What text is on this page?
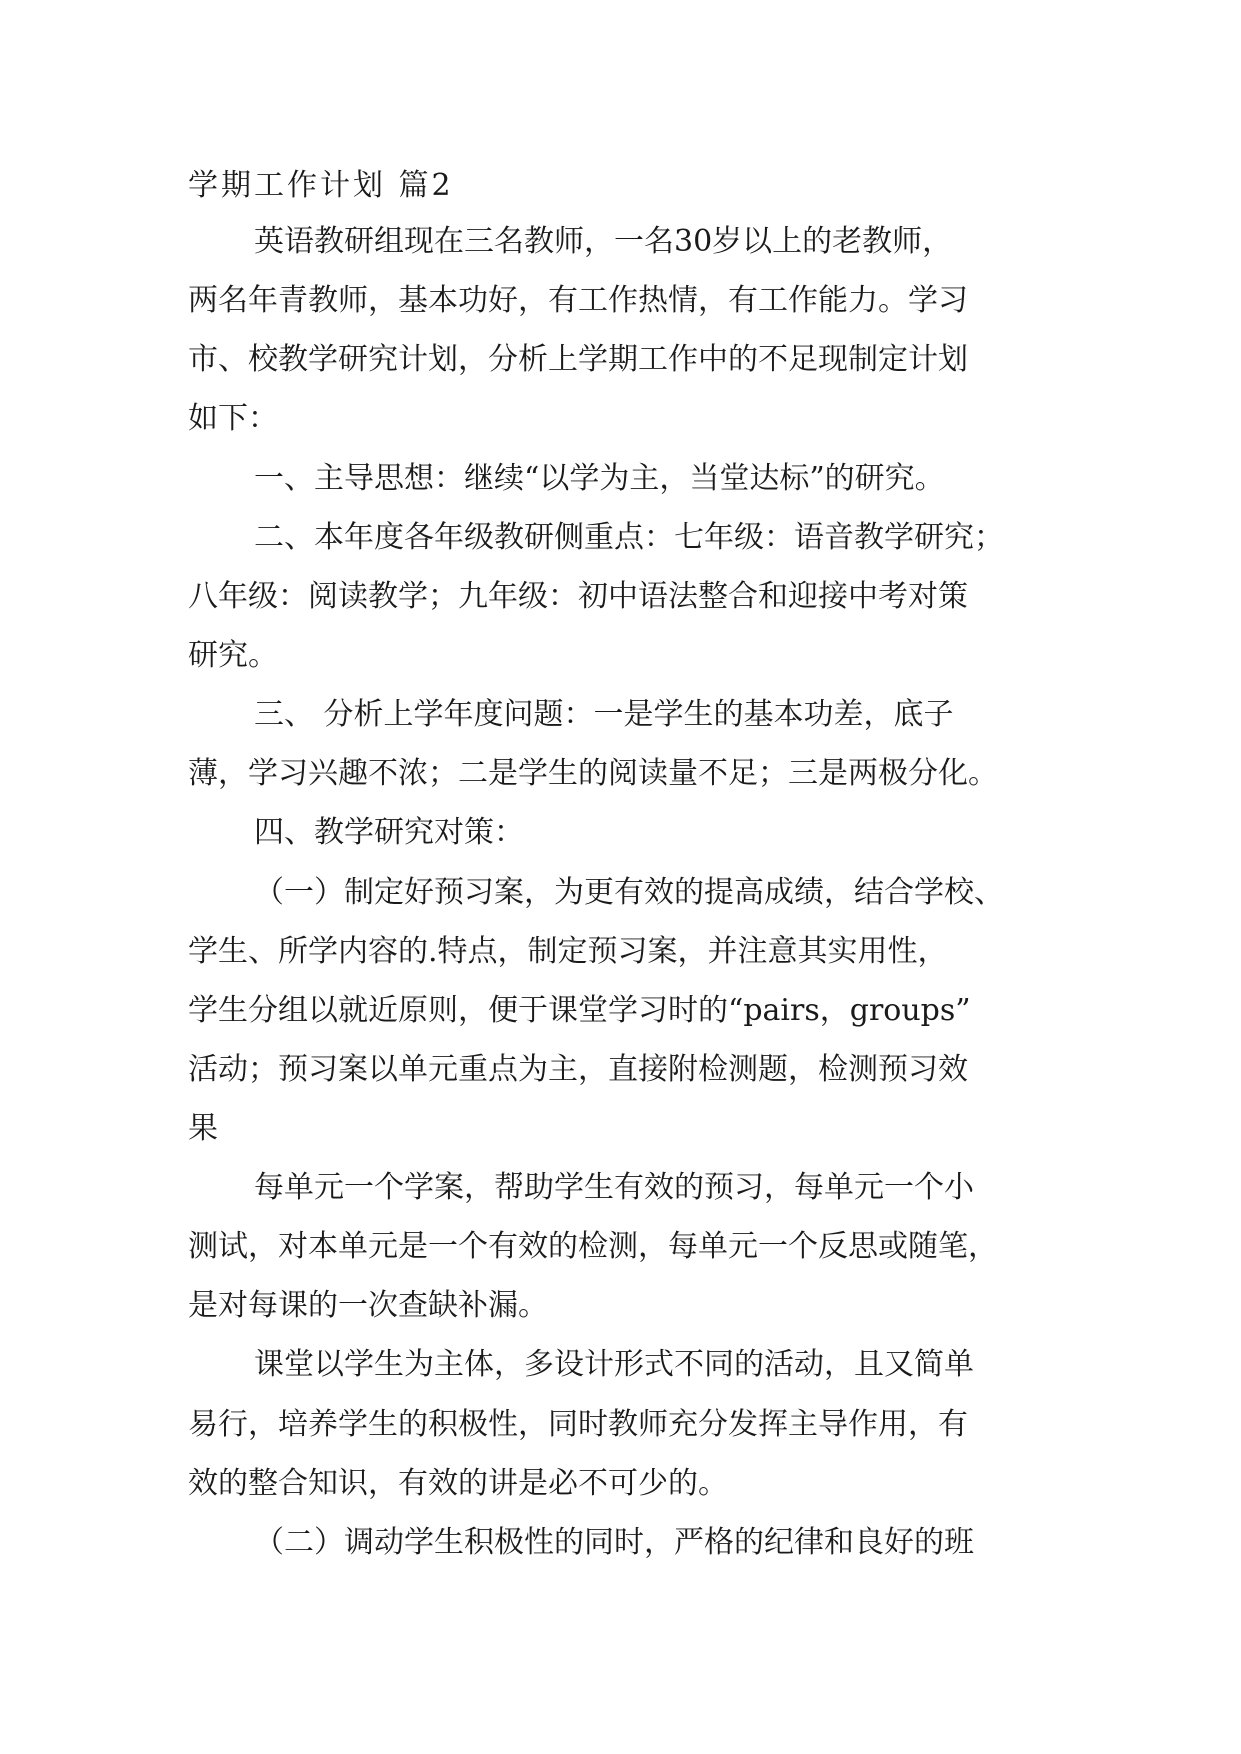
学期工作计划 篇2

英语教研组现在三名教师，一名30岁以上的老教师，

两名年青教师，基本功好，有工作热情，有工作能力。学习

市、校教学研究计划，分析上学期工作中的不足现制定计划

如下：

一、主导思想：继续“以学为主，当堂达标”的研究。

二、本年度各年级教研侧重点：七年级：语音教学研究；

八年级：阅读教学；九年级：初中语法整合和迎接中考对策

研究。

三、 分析上学年度问题：一是学生的基本功差，底子

薄，学习兴趣不浓；二是学生的阅读量不足；三是两极分化。

四、教学研究对策：

（一）制定好预习案，为更有效的提高成绩，结合学校、

学生、所学内容的.特点，制定预习案，并注意其实用性，

学生分组以就近原则，便于课堂学习时的“pairs，groups”

活动；预习案以单元重点为主，直接附检测题，检测预习效

果

每单元一个学案，帮助学生有效的预习，每单元一个小

测试，对本单元是一个有效的检测，每单元一个反思或随笔，

是对每课的一次查缺补漏。

课堂以学生为主体，多设计形式不同的活动，且又简单

易行，培养学生的积极性，同时教师充分发挥主导作用，有

效的整合知识，有效的讲是必不可少的。

（二）调动学生积极性的同时，严格的纪律和良好的班
